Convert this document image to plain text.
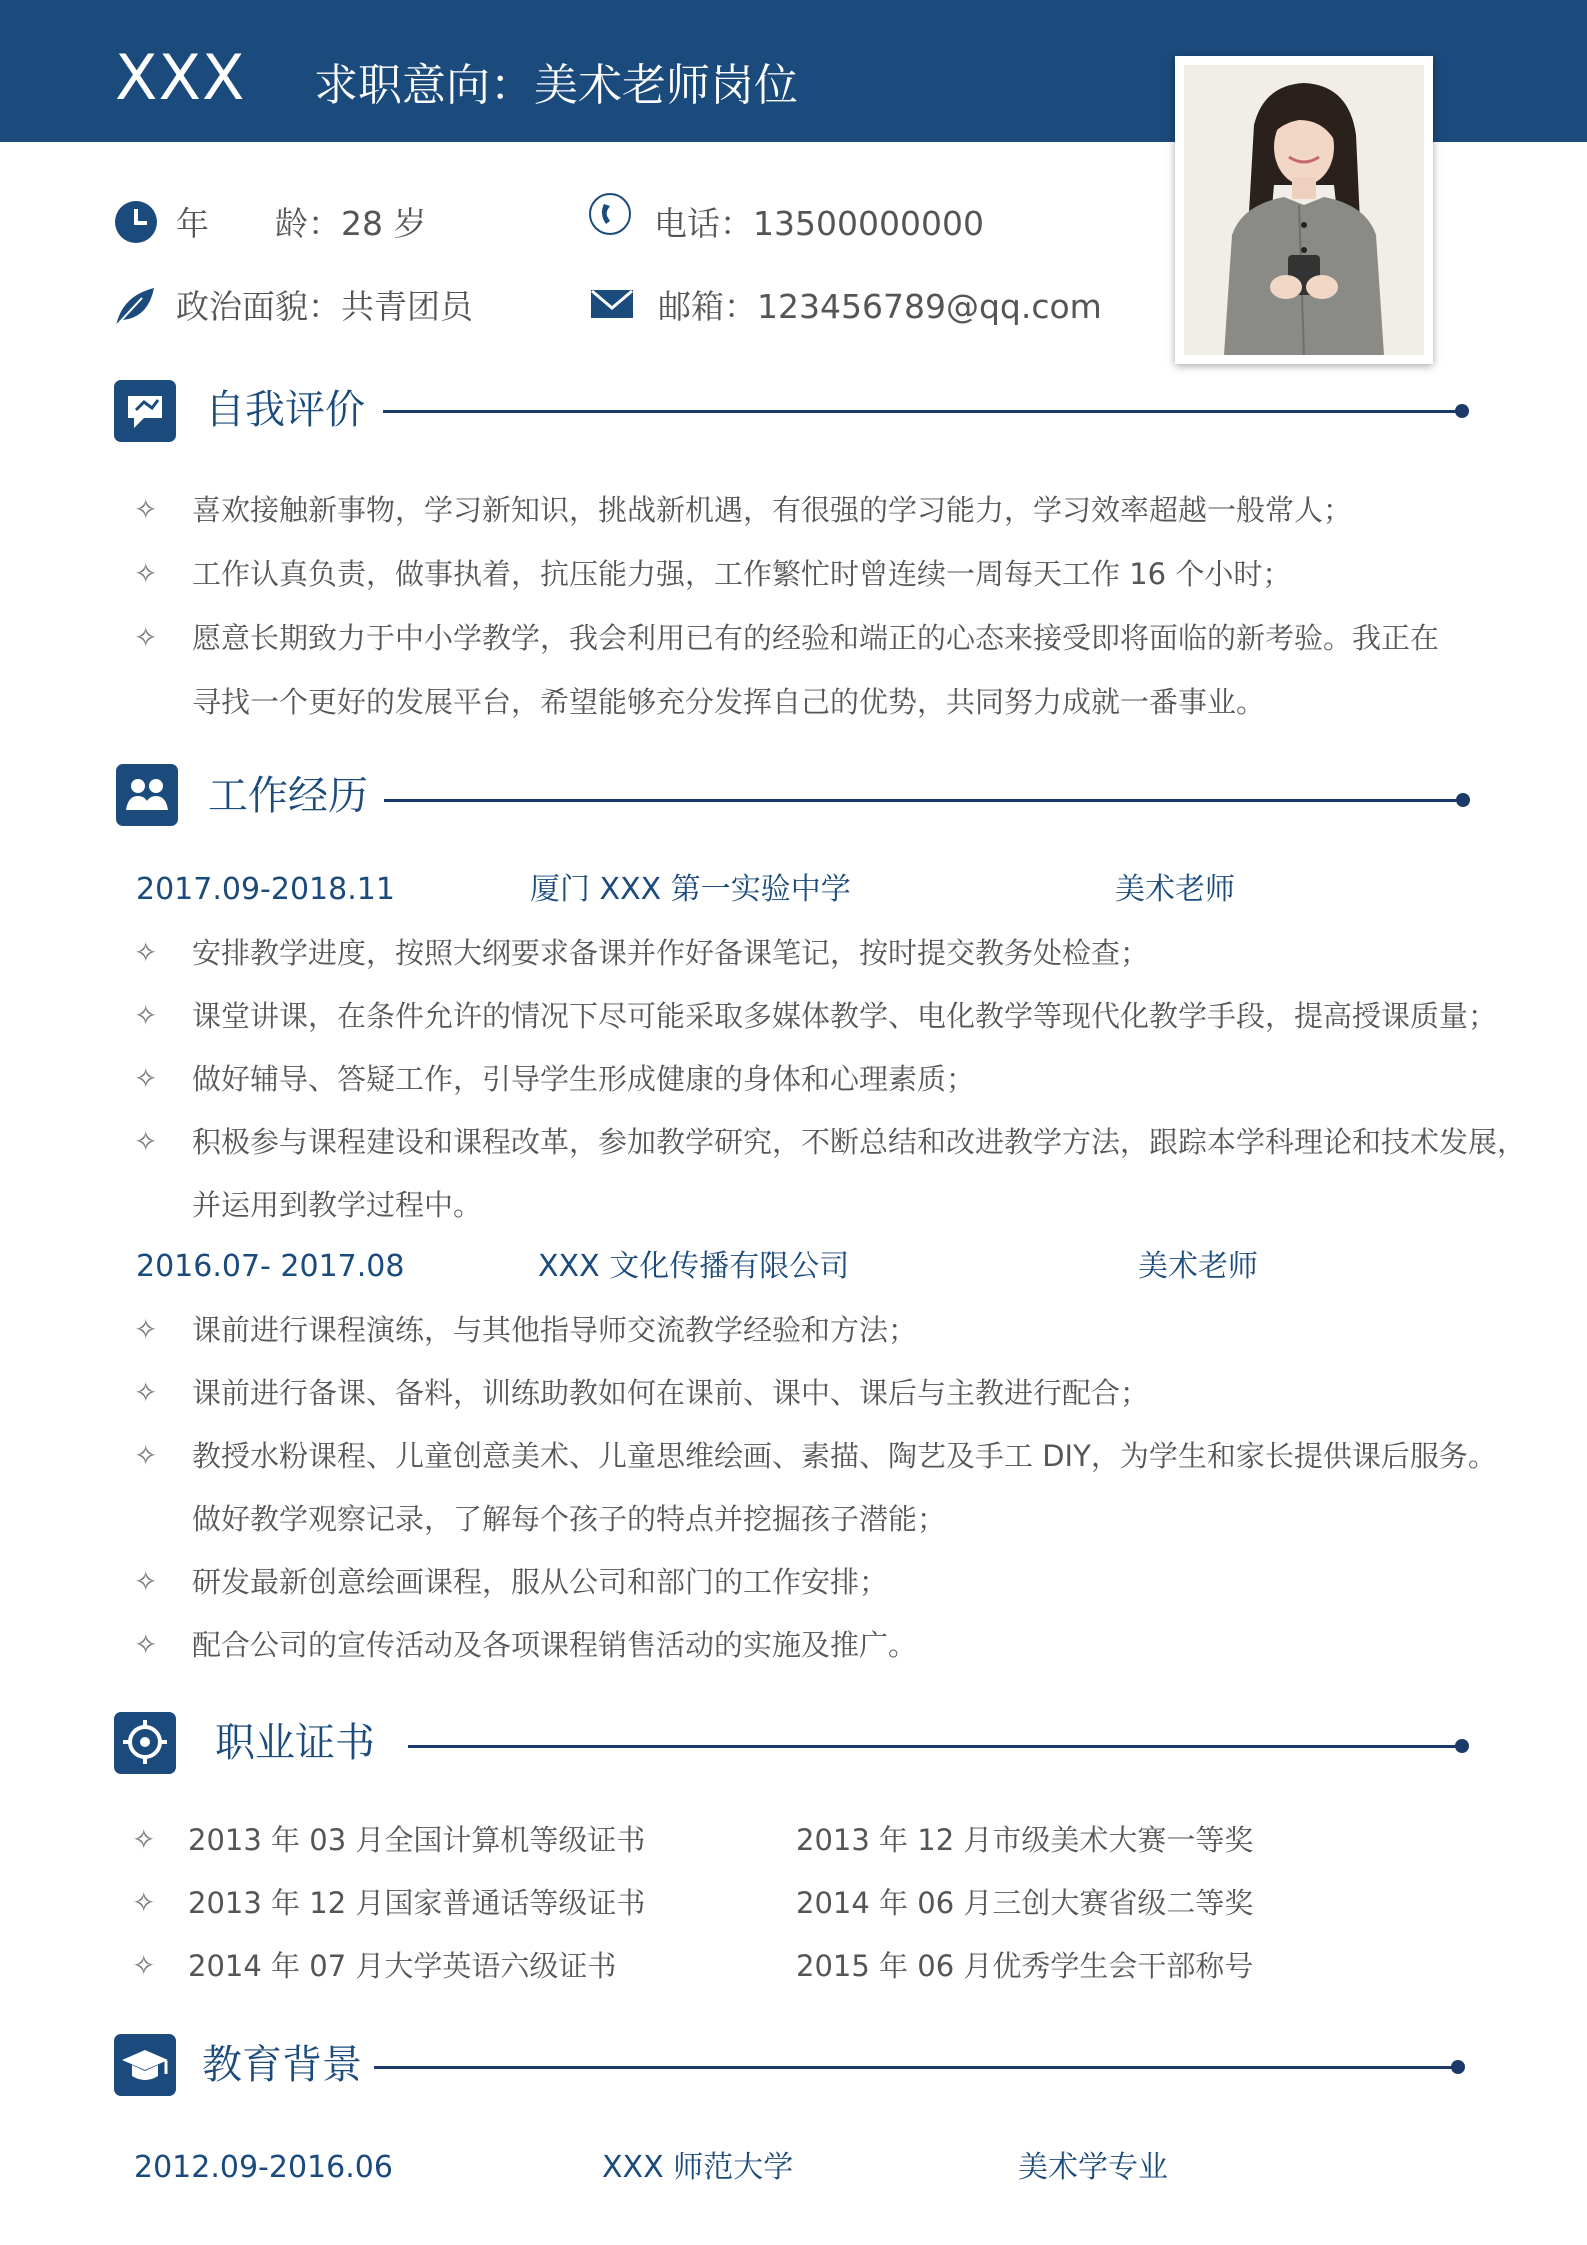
XXX 求职意向：美术老师岗位
年　　龄：28 岁	电话：13500000000
政治面貌：共青团员	邮箱：123456789@qq.com
自我评价
✧ 喜欢接触新事物，学习新知识，挑战新机遇，有很强的学习能力，学习效率超越一般常人；
✧ 工作认真负责，做事执着，抗压能力强，工作繁忙时曾连续一周每天工作 16 个小时；
✧ 愿意长期致力于中小学教学，我会利用已有的经验和端正的心态来接受即将面临的新考验。我正在
寻找一个更好的发展平台，希望能够充分发挥自己的优势，共同努力成就一番事业。
工作经历
2017.09-2018.11	厦门 XXX 第一实验中学	美术老师
✧ 安排教学进度，按照大纲要求备课并作好备课笔记，按时提交教务处检查；
✧ 课堂讲课，在条件允许的情况下尽可能采取多媒体教学、电化教学等现代化教学手段，提高授课质量；
✧ 做好辅导、答疑工作，引导学生形成健康的身体和心理素质；
✧ 积极参与课程建设和课程改革，参加教学研究，不断总结和改进教学方法，跟踪本学科理论和技术发展，
并运用到教学过程中。
2016.07- 2017.08	XXX 文化传播有限公司	美术老师
✧ 课前进行课程演练，与其他指导师交流教学经验和方法；
✧ 课前进行备课、备料，训练助教如何在课前、课中、课后与主教进行配合；
✧ 教授水粉课程、儿童创意美术、儿童思维绘画、素描、陶艺及手工 DIY，为学生和家长提供课后服务。
做好教学观察记录，了解每个孩子的特点并挖掘孩子潜能；
✧ 研发最新创意绘画课程，服从公司和部门的工作安排；
✧ 配合公司的宣传活动及各项课程销售活动的实施及推广。
职业证书
✧ 2013 年 03 月全国计算机等级证书	2013 年 12 月市级美术大赛一等奖
✧ 2013 年 12 月国家普通话等级证书	2014 年 06 月三创大赛省级二等奖
✧ 2014 年 07 月大学英语六级证书	2015 年 06 月优秀学生会干部称号
教育背景
2012.09-2016.06	XXX 师范大学	美术学专业
